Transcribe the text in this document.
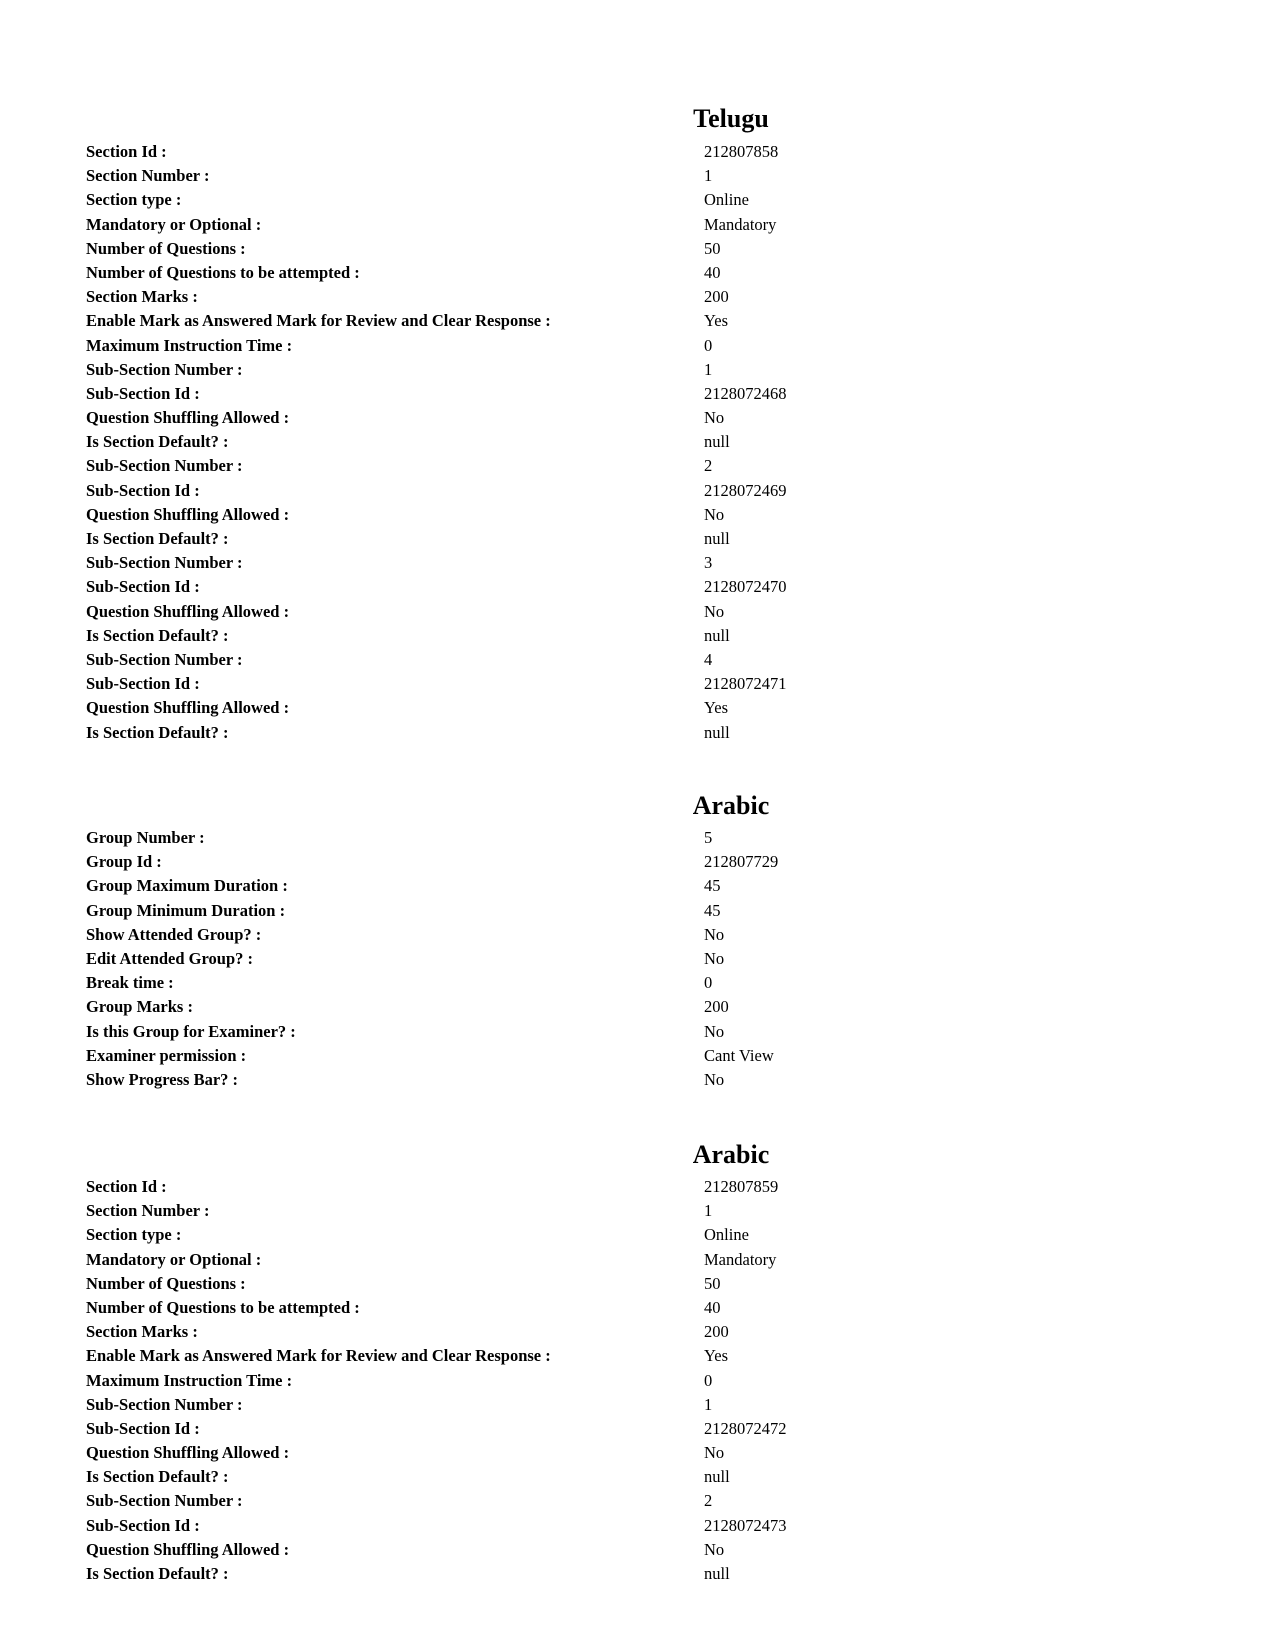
Telugu
Section Id :	212807858
Section Number :	1
Section type :	Online
Mandatory or Optional :	Mandatory
Number of Questions :	50
Number of Questions to be attempted :	40
Section Marks :	200
Enable Mark as Answered Mark for Review and Clear Response :	Yes
Maximum Instruction Time :	0
Sub-Section Number :	1
Sub-Section Id :	2128072468
Question Shuffling Allowed :	No
Is Section Default? :	null
Sub-Section Number :	2
Sub-Section Id :	2128072469
Question Shuffling Allowed :	No
Is Section Default? :	null
Sub-Section Number :	3
Sub-Section Id :	2128072470
Question Shuffling Allowed :	No
Is Section Default? :	null
Sub-Section Number :	4
Sub-Section Id :	2128072471
Question Shuffling Allowed :	Yes
Is Section Default? :	null
Arabic
Group Number :	5
Group Id :	212807729
Group Maximum Duration :	45
Group Minimum Duration :	45
Show Attended Group? :	No
Edit Attended Group? :	No
Break time :	0
Group Marks :	200
Is this Group for Examiner? :	No
Examiner permission :	Cant View
Show Progress Bar? :	No
Arabic
Section Id :	212807859
Section Number :	1
Section type :	Online
Mandatory or Optional :	Mandatory
Number of Questions :	50
Number of Questions to be attempted :	40
Section Marks :	200
Enable Mark as Answered Mark for Review and Clear Response :	Yes
Maximum Instruction Time :	0
Sub-Section Number :	1
Sub-Section Id :	2128072472
Question Shuffling Allowed :	No
Is Section Default? :	null
Sub-Section Number :	2
Sub-Section Id :	2128072473
Question Shuffling Allowed :	No
Is Section Default? :	null
